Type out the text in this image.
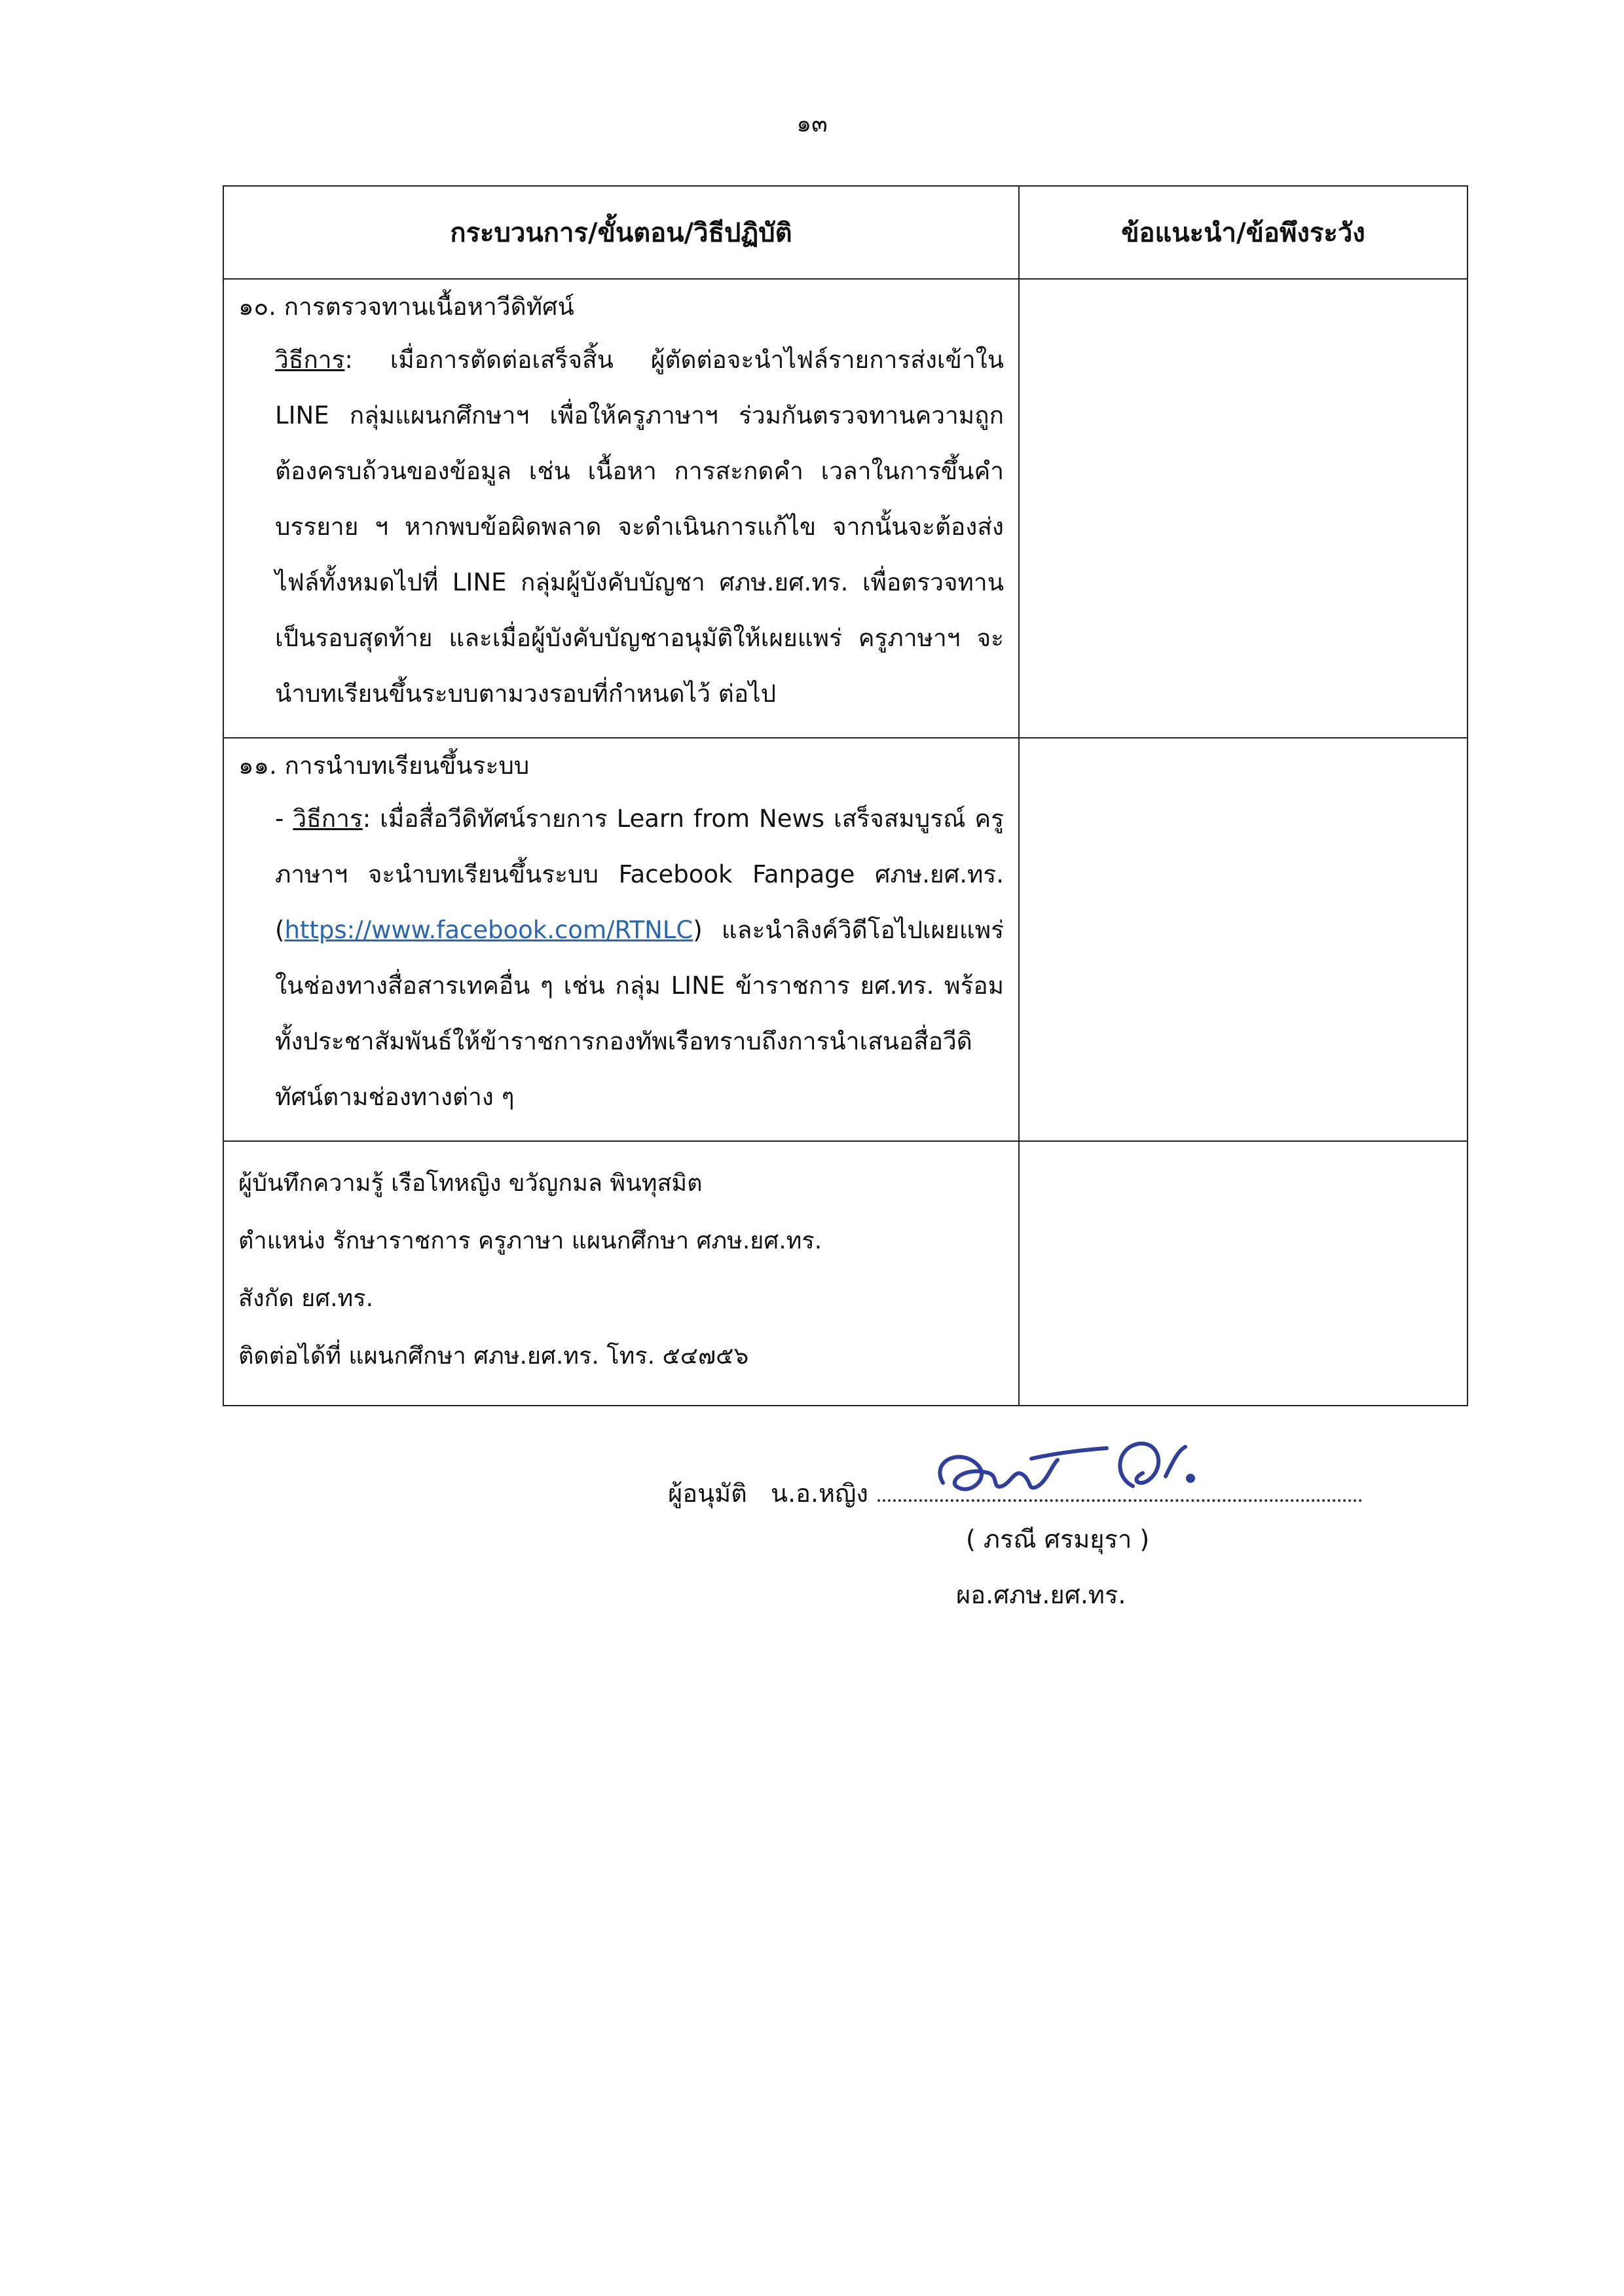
๑๓
กระบวนการ/ขั้นตอน/วิธีปฏิบัติ	ข้อแนะนำ/ข้อพึงระวัง

๑๐. การตรวจทานเนื้อหาวีดิทัศน์
วิธีการ: เมื่อการตัดต่อเสร็จสิ้น ผู้ตัดต่อจะนำไฟล์รายการส่งเข้าใน LINE กลุ่มแผนกศึกษาฯ เพื่อให้ครูภาษาฯ ร่วมกันตรวจทานความถูกต้องครบถ้วนของข้อมูล เช่น เนื้อหา การสะกดคำ เวลาในการขึ้นคำบรรยาย ฯ หากพบข้อผิดพลาด จะดำเนินการแก้ไข จากนั้นจะต้องส่งไฟล์ทั้งหมดไปที่ LINE กลุ่มผู้บังคับบัญชา ศภษ.ยศ.ทร. เพื่อตรวจทานเป็นรอบสุดท้าย และเมื่อผู้บังคับบัญชาอนุมัติให้เผยแพร่ ครูภาษาฯ จะนำบทเรียนขึ้นระบบตามวงรอบที่กำหนดไว้ ต่อไป	

๑๑. การนำบทเรียนขึ้นระบบ
- วิธีการ: เมื่อสื่อวีดิทัศน์รายการ Learn from News เสร็จสมบูรณ์ ครูภาษาฯ จะนำบทเรียนขึ้นระบบ Facebook Fanpage ศภษ.ยศ.ทร. (https://www.facebook.com/RTNLC) และนำลิงค์วิดีโอไปเผยแพร่ในช่องทางสื่อสารเทคอื่น ๆ เช่น กลุ่ม LINE ข้าราชการ ยศ.ทร. พร้อมทั้งประชาสัมพันธ์ให้ข้าราชการกองทัพเรือทราบถึงการนำเสนอสื่อวีดิทัศน์ตามช่องทางต่าง ๆ	

ผู้บันทึกความรู้ เรือโทหญิง ขวัญกมล พินทุสมิต
ตำแหน่ง รักษาราชการ ครูภาษา แผนกศึกษา ศภษ.ยศ.ทร.
สังกัด ยศ.ทร.
ติดต่อได้ที่ แผนกศึกษา ศภษ.ยศ.ทร. โทร. ๕๔๗๕๖	

ผู้อนุมัติ น.อ.หญิง
( ภรณี ศรมยุรา )
ผอ.ศภษ.ยศ.ทร.
